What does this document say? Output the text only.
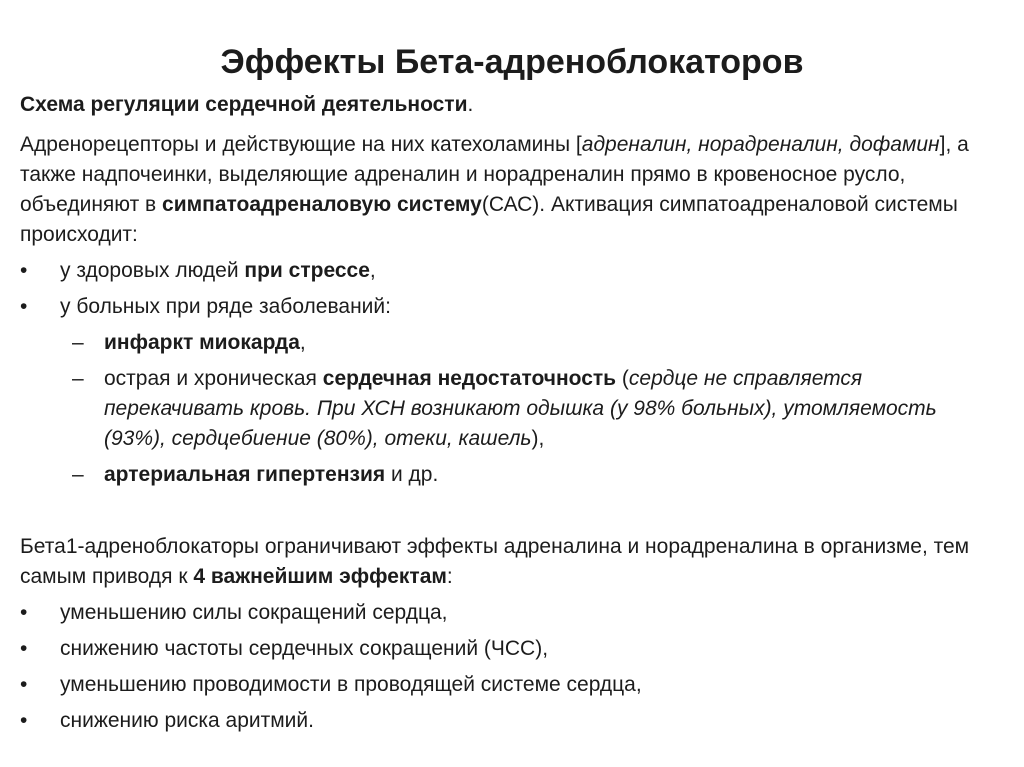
Эффекты Бета-адреноблокаторов

Схема регуляции сердечной деятельности.

Адренорецепторы и действующие на них катехоламины [адреналин, норадреналин, дофамин], а также надпочеинки, выделяющие адреналин и норадреналин прямо в кровеносное русло, объединяют в симпатоадреналовую систему(САС). Активация симпатоадреналовой системы происходит:

• у здоровых людей при стрессе,
• у больных при ряде заболеваний:
– инфаркт миокарда,
– острая и хроническая сердечная недостаточность (сердце не справляется перекачивать кровь. При ХСН возникают одышка (у 98% больных), утомляемость (93%), сердцебиение (80%), отеки, кашель),
– артериальная гипертензия и др.

Бета1-адреноблокаторы ограничивают эффекты адреналина и норадреналина в организме, тем самым приводя к 4 важнейшим эффектам:

• уменьшению силы сокращений сердца,
• снижению частоты сердечных сокращений (ЧСС),
• уменьшению проводимости в проводящей системе сердца,
• снижению риска аритмий.
